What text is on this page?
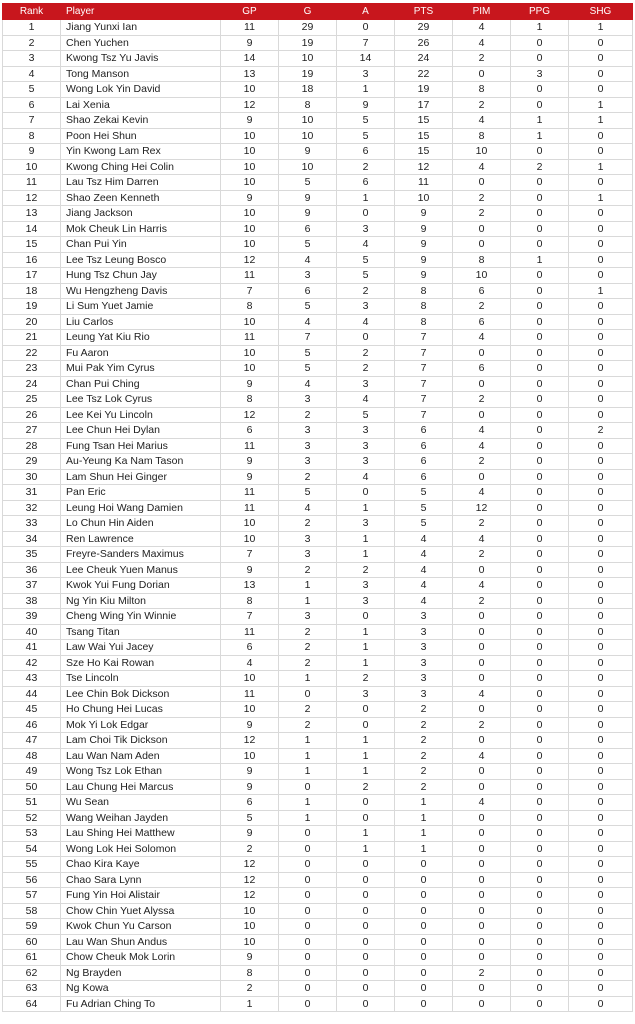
Rank	Player	GP	G	A	PTS	PIM	PPG	SHG
1	Jiang Yunxi Ian	11	29	0	29	4	1	1
2	Chen Yuchen	9	19	7	26	4	0	0
3	Kwong Tsz Yu Javis	14	10	14	24	2	0	0
4	Tong Manson	13	19	3	22	0	3	0
5	Wong Lok Yin David	10	18	1	19	8	0	0
6	Lai Xenia	12	8	9	17	2	0	1
7	Shao Zekai Kevin	9	10	5	15	4	1	1
8	Poon Hei Shun	10	10	5	15	8	1	0
9	Yin Kwong Lam Rex	10	9	6	15	10	0	0
10	Kwong Ching Hei Colin	10	10	2	12	4	2	1
11	Lau Tsz Him Darren	10	5	6	11	0	0	0
12	Shao Zeen Kenneth	9	9	1	10	2	0	1
13	Jiang Jackson	10	9	0	9	2	0	0
14	Mok Cheuk Lin Harris	10	6	3	9	0	0	0
15	Chan Pui Yin	10	5	4	9	0	0	0
16	Lee Tsz Leung Bosco	12	4	5	9	8	1	0
17	Hung Tsz Chun Jay	11	3	5	9	10	0	0
18	Wu Hengzheng Davis	7	6	2	8	6	0	1
19	Li Sum Yuet Jamie	8	5	3	8	2	0	0
20	Liu Carlos	10	4	4	8	6	0	0
21	Leung Yat Kiu Rio	11	7	0	7	4	0	0
22	Fu Aaron	10	5	2	7	0	0	0
23	Mui Pak Yim Cyrus	10	5	2	7	6	0	0
24	Chan Pui Ching	9	4	3	7	0	0	0
25	Lee Tsz Lok Cyrus	8	3	4	7	2	0	0
26	Lee Kei Yu Lincoln	12	2	5	7	0	0	0
27	Lee Chun Hei Dylan	6	3	3	6	4	0	2
28	Fung Tsan Hei Marius	11	3	3	6	4	0	0
29	Au-Yeung Ka Nam Tason	9	3	3	6	2	0	0
30	Lam Shun Hei Ginger	9	2	4	6	0	0	0
31	Pan Eric	11	5	0	5	4	0	0
32	Leung Hoi Wang Damien	11	4	1	5	12	0	0
33	Lo Chun Hin Aiden	10	2	3	5	2	0	0
34	Ren Lawrence	10	3	1	4	4	0	0
35	Freyre-Sanders Maximus	7	3	1	4	2	0	0
36	Lee Cheuk Yuen Manus	9	2	2	4	0	0	0
37	Kwok Yui Fung Dorian	13	1	3	4	4	0	0
38	Ng Yin Kiu Milton	8	1	3	4	2	0	0
39	Cheng Wing Yin Winnie	7	3	0	3	0	0	0
40	Tsang Titan	11	2	1	3	0	0	0
41	Law Wai Yui Jacey	6	2	1	3	0	0	0
42	Sze Ho Kai Rowan	4	2	1	3	0	0	0
43	Tse Lincoln	10	1	2	3	0	0	0
44	Lee Chin Bok Dickson	11	0	3	3	4	0	0
45	Ho Chung Hei Lucas	10	2	0	2	0	0	0
46	Mok Yi Lok Edgar	9	2	0	2	2	0	0
47	Lam Choi Tik Dickson	12	1	1	2	0	0	0
48	Lau Wan Nam Aden	10	1	1	2	4	0	0
49	Wong Tsz Lok Ethan	9	1	1	2	0	0	0
50	Lau Chung Hei Marcus	9	0	2	2	0	0	0
51	Wu Sean	6	1	0	1	4	0	0
52	Wang Weihan Jayden	5	1	0	1	0	0	0
53	Lau Shing Hei Matthew	9	0	1	1	0	0	0
54	Wong Lok Hei Solomon	2	0	1	1	0	0	0
55	Chao Kira Kaye	12	0	0	0	0	0	0
56	Chao Sara Lynn	12	0	0	0	0	0	0
57	Fung Yin Hoi Alistair	12	0	0	0	0	0	0
58	Chow Chin Yuet Alyssa	10	0	0	0	0	0	0
59	Kwok Chun Yu Carson	10	0	0	0	0	0	0
60	Lau Wan Shun Andus	10	0	0	0	0	0	0
61	Chow Cheuk Mok Lorin	9	0	0	0	0	0	0
62	Ng Brayden	8	0	0	0	2	0	0
63	Ng Kowa	2	0	0	0	0	0	0
64	Fu Adrian Ching To	1	0	0	0	0	0	0
